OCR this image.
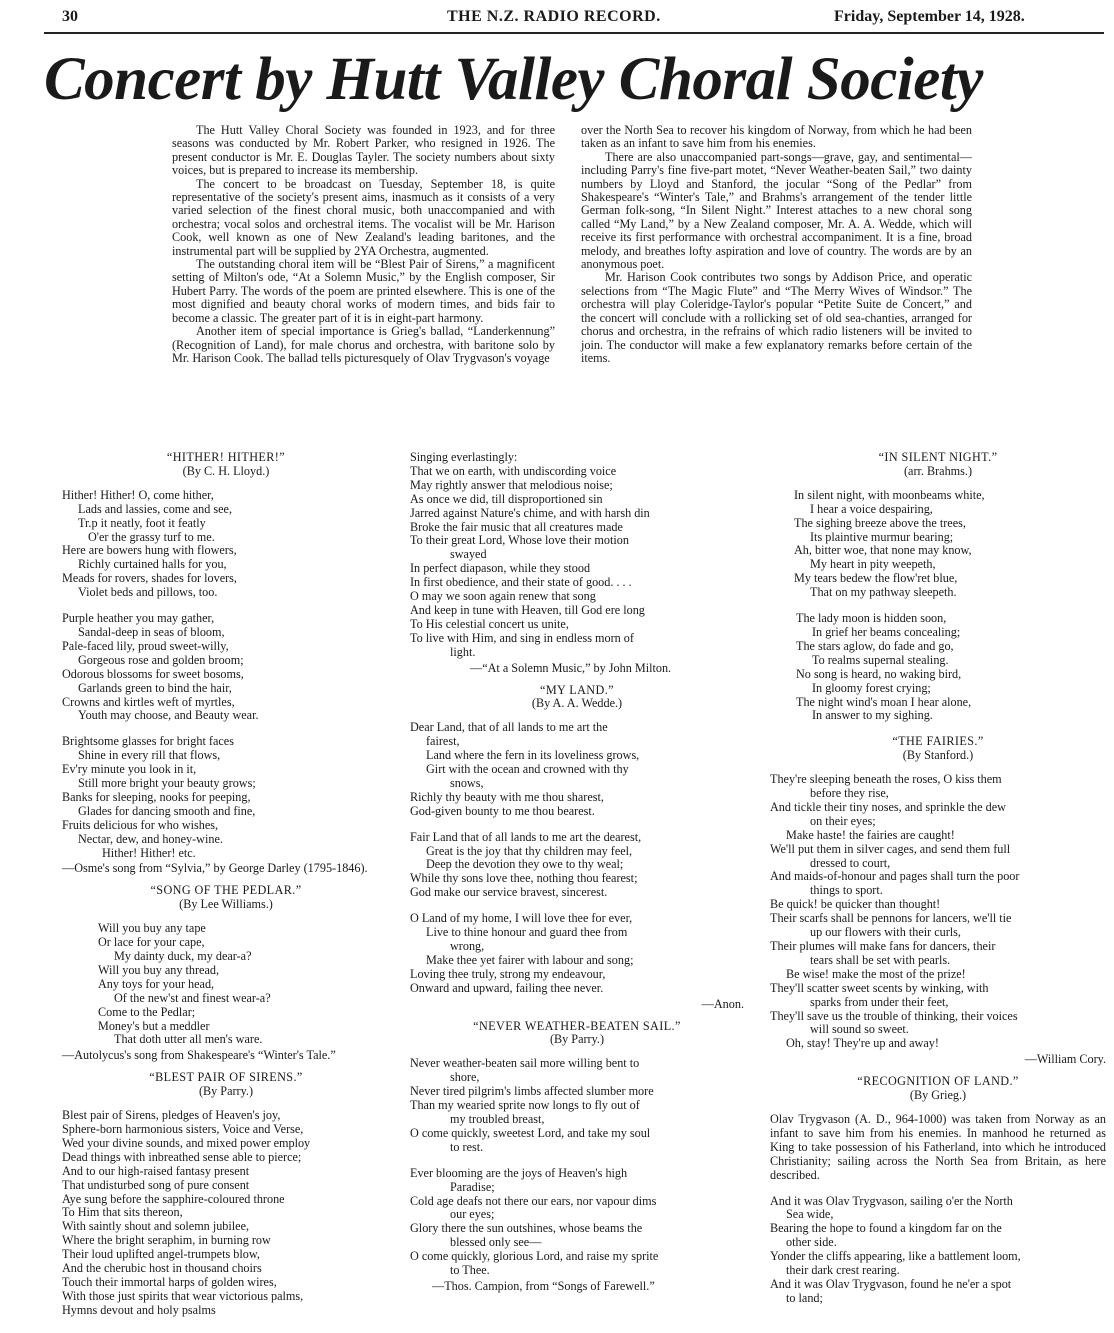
30	THE N.Z. RADIO RECORD.	Friday, September 14, 1928.
Concert by Hutt Valley Choral Society

The Hutt Valley Choral Society was founded in 1923, and for three seasons was conducted by Mr. Robert Parker, who resigned in 1926. The present conductor is Mr. E. Douglas Tayler. The society numbers about sixty voices, but is prepared to increase its membership.

The concert to be broadcast on Tuesday, September 18, is quite representative of the society's present aims, inasmuch as it consists of a very varied selection of the finest choral music, both unaccompanied and with orchestra; vocal solos and orchestral items. The vocalist will be Mr. Harison Cook, well known as one of New Zealand's leading baritones, and the instrumental part will be supplied by 2YA Orchestra, augmented.

The outstanding choral item will be “Blest Pair of Sirens,” a magnificent setting of Milton's ode, “At a Solemn Music,” by the English composer, Sir Hubert Parry. The words of the poem are printed elsewhere. This is one of the most dignified and beauty choral works of modern times, and bids fair to become a classic. The greater part of it is in eight-part harmony.

Another item of special importance is Grieg's ballad, “Landerkennung” (Recognition of Land), for male chorus and orchestra, with baritone solo by Mr. Harison Cook. The ballad tells picturesquely of Olav Trygvason's voyage

over the North Sea to recover his kingdom of Norway, from which he had been taken as an infant to save him from his enemies.

There are also unaccompanied part-songs—grave, gay, and sentimental—including Parry's fine five-part motet, “Never Weather-beaten Sail,” two dainty numbers by Lloyd and Stanford, the jocular “Song of the Pedlar” from Shakespeare's “Winter's Tale,” and Brahms's arrangement of the tender little German folk-song, “In Silent Night.” Interest attaches to a new choral song called “My Land,” by a New Zealand composer, Mr. A. A. Wedde, which will receive its first performance with orchestral accompaniment. It is a fine, broad melody, and breathes lofty aspiration and love of country. The words are by an anonymous poet.

Mr. Harison Cook contributes two songs by Addison Price, and operatic selections from “The Magic Flute” and “The Merry Wives of Windsor.” The orchestra will play Coleridge-Taylor's popular “Petite Suite de Concert,” and the concert will conclude with a rollicking set of old sea-chanties, arranged for chorus and orchestra, in the refrains of which radio listeners will be invited to join. The conductor will make a few explanatory remarks before certain of the items.

“HITHER! HITHER!”

(By C. H. Lloyd.)

Hither! Hither! O, come hither,
Lads and lassies, come and see,
Tr.p it neatly, foot it featly
O'er the grassy turf to me.
Here are bowers hung with flowers,
Richly curtained halls for you,
Meads for rovers, shades for lovers,
Violet beds and pillows, too.
Purple heather you may gather,
Sandal-deep in seas of bloom,
Pale-faced lily, proud sweet-willy,
Gorgeous rose and golden broom;
Odorous blossoms for sweet bosoms,
Garlands green to bind the hair,
Crowns and kirtles weft of myrtles,
Youth may choose, and Beauty wear.
Brightsome glasses for bright faces
Shine in every rill that flows,
Ev'ry minute you look in it,
Still more bright your beauty grows;
Banks for sleeping, nooks for peeping,
Glades for dancing smooth and fine,
Fruits delicious for who wishes,
Nectar, dew, and honey-wine.
Hither! Hither! etc.

—Osme's song from “Sylvia,” by George Darley (1795-1846).

“SONG OF THE PEDLAR.”

(By Lee Williams.)

Will you buy any tape
Or lace for your cape,
My dainty duck, my dear-a?
Will you buy any thread,
Any toys for your head,
Of the new'st and finest wear-a?
Come to the Pedlar;
Money's but a meddler
That doth utter all men's ware.

—Autolycus's song from Shakespeare's “Winter's Tale.”

“BLEST PAIR OF SIRENS.”

(By Parry.)

Blest pair of Sirens, pledges of Heaven's joy,
Sphere-born harmonious sisters, Voice and Verse,
Wed your divine sounds, and mixed power employ
Dead things with inbreathed sense able to pierce;
And to our high-raised fantasy present
That undisturbed song of pure consent
Aye sung before the sapphire-coloured throne
To Him that sits thereon,
With saintly shout and solemn jubilee,
Where the bright seraphim, in burning row
Their loud uplifted angel-trumpets blow,
And the cherubic host in thousand choirs
Touch their immortal harps of golden wires,
With those just spirits that wear victorious palms,
Hymns devout and holy psalms
Singing everlastingly:
That we on earth, with undiscording voice
May rightly answer that melodious noise;
As once we did, till disproportioned sin
Jarred against Nature's chime, and with harsh din
Broke the fair music that all creatures made
To their great Lord, Whose love their motion
swayed
In perfect diapason, while they stood
In first obedience, and their state of good. . . .
O may we soon again renew that song
And keep in tune with Heaven, till God ere long
To His celestial concert us unite,
To live with Him, and sing in endless morn of
light.

—“At a Solemn Music,” by John Milton.

“MY LAND.”

(By A. A. Wedde.)

Dear Land, that of all lands to me art the
fairest,
Land where the fern in its loveliness grows,
Girt with the ocean and crowned with thy
snows,
Richly thy beauty with me thou sharest,
God-given bounty to me thou bearest.
Fair Land that of all lands to me art the dearest,
Great is the joy that thy children may feel,
Deep the devotion they owe to thy weal;
While thy sons love thee, nothing thou fearest;
God make our service bravest, sincerest.
O Land of my home, I will love thee for ever,
Live to thine honour and guard thee from
wrong,
Make thee yet fairer with labour and song;
Loving thee truly, strong my endeavour,
Onward and upward, failing thee never.

—Anon.

“NEVER WEATHER-BEATEN SAIL.”

(By Parry.)

Never weather-beaten sail more willing bent to
shore,
Never tired pilgrim's limbs affected slumber more
Than my wearied sprite now longs to fly out of
my troubled breast,
O come quickly, sweetest Lord, and take my soul
to rest.
Ever blooming are the joys of Heaven's high
Paradise;
Cold age deafs not there our ears, nor vapour dims
our eyes;
Glory there the sun outshines, whose beams the
blessed only see—
O come quickly, glorious Lord, and raise my sprite
to Thee.

—Thos. Campion, from “Songs of Farewell.”

“IN SILENT NIGHT.”

(arr. Brahms.)

In silent night, with moonbeams white,
I hear a voice despairing,
The sighing breeze above the trees,
Its plaintive murmur bearing;
Ah, bitter woe, that none may know,
My heart in pity weepeth,
My tears bedew the flow'ret blue,
That on my pathway sleepeth.
The lady moon is hidden soon,
In grief her beams concealing;
The stars aglow, do fade and go,
To realms supernal stealing.
No song is heard, no waking bird,
In gloomy forest crying;
The night wind's moan I hear alone,
In answer to my sighing.

“THE FAIRIES.”

(By Stanford.)

They're sleeping beneath the roses, O kiss them
before they rise,
And tickle their tiny noses, and sprinkle the dew
on their eyes;
Make haste! the fairies are caught!
We'll put them in silver cages, and send them full
dressed to court,
And maids-of-honour and pages shall turn the poor
things to sport.
Be quick! be quicker than thought!
Their scarfs shall be pennons for lancers, we'll tie
up our flowers with their curls,
Their plumes will make fans for dancers, their
tears shall be set with pearls.
Be wise! make the most of the prize!
They'll scatter sweet scents by winking, with
sparks from under their feet,
They'll save us the trouble of thinking, their voices
will sound so sweet.
Oh, stay! They're up and away!

—William Cory.

“RECOGNITION OF LAND.”

(By Grieg.)

Olav Trygvason (A. D., 964-1000) was taken from Norway as an infant to save him from his enemies. In manhood he returned as King to take possession of his Fatherland, into which he introduced Christianity; sailing across the North Sea from Britain, as here described.

And it was Olav Trygvason, sailing o'er the North
Sea wide,
Bearing the hope to found a kingdom far on the
other side.
Yonder the cliffs appearing, like a battlement loom,
their dark crest rearing.
And it was Olav Trygvason, found he ne'er a spot
to land;
